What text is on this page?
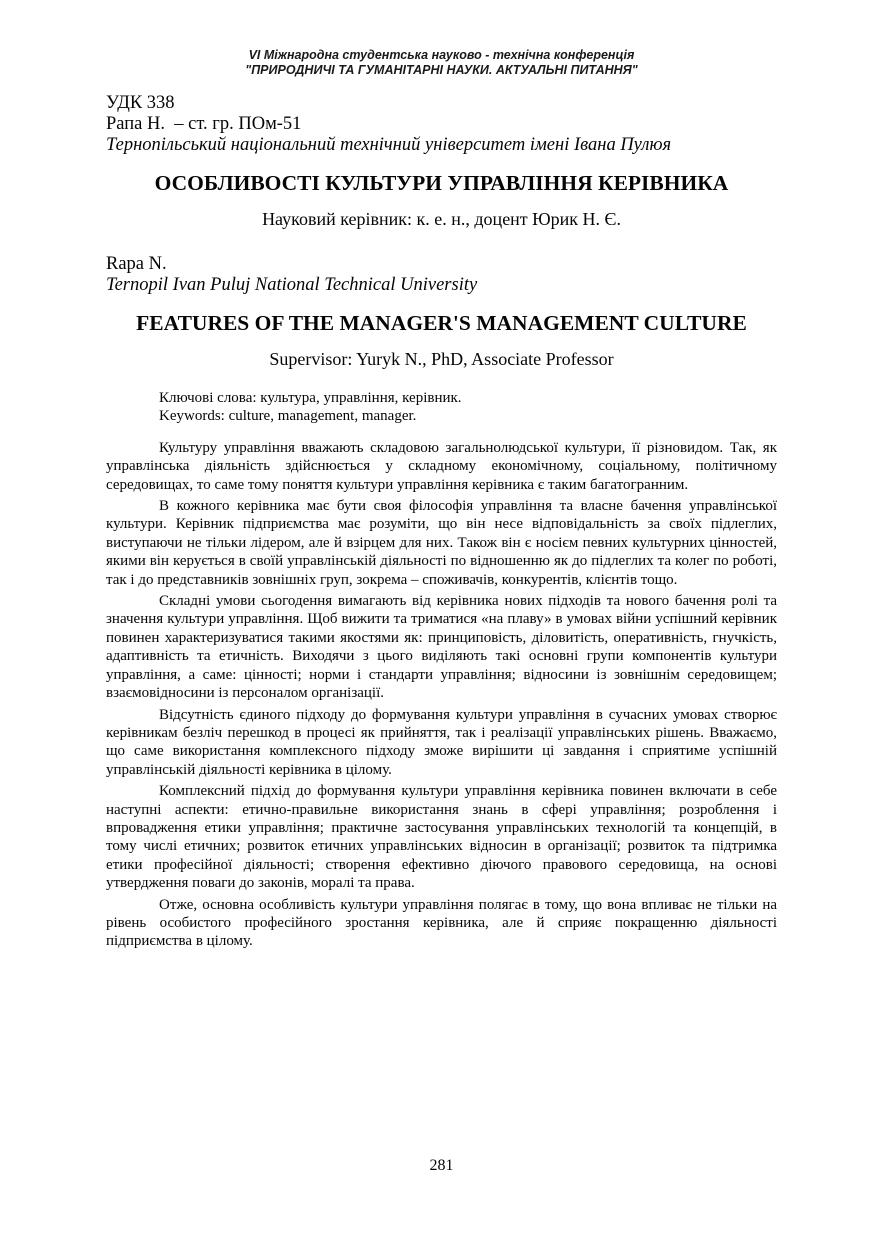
VI Міжнародна студентська науково - технічна конференція
"ПРИРОДНИЧІ ТА ГУМАНІТАРНІ НАУКИ. АКТУАЛЬНІ ПИТАННЯ"
УДК 338
Рапа Н.  – ст. гр. ПОм-51
Тернопільський національний технічний університет імені Івана Пулюя
ОСОБЛИВОСТІ КУЛЬТУРИ УПРАВЛІННЯ КЕРІВНИКА
Науковий керівник: к. е. н., доцент Юрик Н. Є.
Rapa N.
Ternopil Ivan Puluj National Technical University
FEATURES OF THE MANAGER'S MANAGEMENT CULTURE
Supervisor: Yuryk N., PhD, Associate Professor

Ключові слова: культура, управління, керівник.

Keywords: culture, management, manager.

Культуру управління вважають складовою загальнолюдської культури, її різновидом. Так, як управлінська діяльність здійснюється у складному економічному, соціальному, політичному середовищах, то саме тому поняття культури управління керівника є таким багатогранним.

В кожного керівника має бути своя філософія управління та власне бачення управлінської культури. Керівник підприємства має розуміти, що він несе відповідальність за своїх підлеглих, виступаючи не тільки лідером, але й взірцем для них. Також він є носієм певних культурних цінностей, якими він керується в своїй управлінській діяльності по відношенню як до підлеглих та колег по роботі, так і до представників зовнішніх груп, зокрема – споживачів, конкурентів, клієнтів тощо.

Складні умови сьогодення вимагають від керівника нових підходів та нового бачення ролі та значення культури управління. Щоб вижити та триматися «на плаву» в умовах війни успішний керівник повинен характеризуватися такими якостями як: принциповість, діловитість, оперативність, гнучкість, адаптивність та етичність. Виходячи з цього виділяють такі основні групи компонентів культури управління, а саме: цінності; норми і стандарти управління; відносини із зовнішнім середовищем; взаємовідносини із персоналом організації.

Відсутність єдиного підходу до формування культури управління в сучасних умовах створює керівникам безліч перешкод в процесі як прийняття, так і реалізації управлінських рішень. Вважаємо, що саме використання комплексного підходу зможе вирішити ці завдання і сприятиме успішній управлінській діяльності керівника в цілому.

Комплексний підхід до формування культури управління керівника повинен включати в себе наступні аспекти: етично-правильне використання знань в сфері управління; розроблення і впровадження етики управління; практичне застосування управлінських технологій та концепцій, в тому числі етичних; розвиток етичних управлінських відносин в організації; розвиток та підтримка етики професійної діяльності; створення ефективно діючого правового середовища, на основі утвердження поваги до законів, моралі та права.

Отже, основна особливість культури управління полягає в тому, що вона впливає не тільки на рівень особистого професійного зростання керівника, але й сприяє покращенню діяльності підприємства в цілому.

281
